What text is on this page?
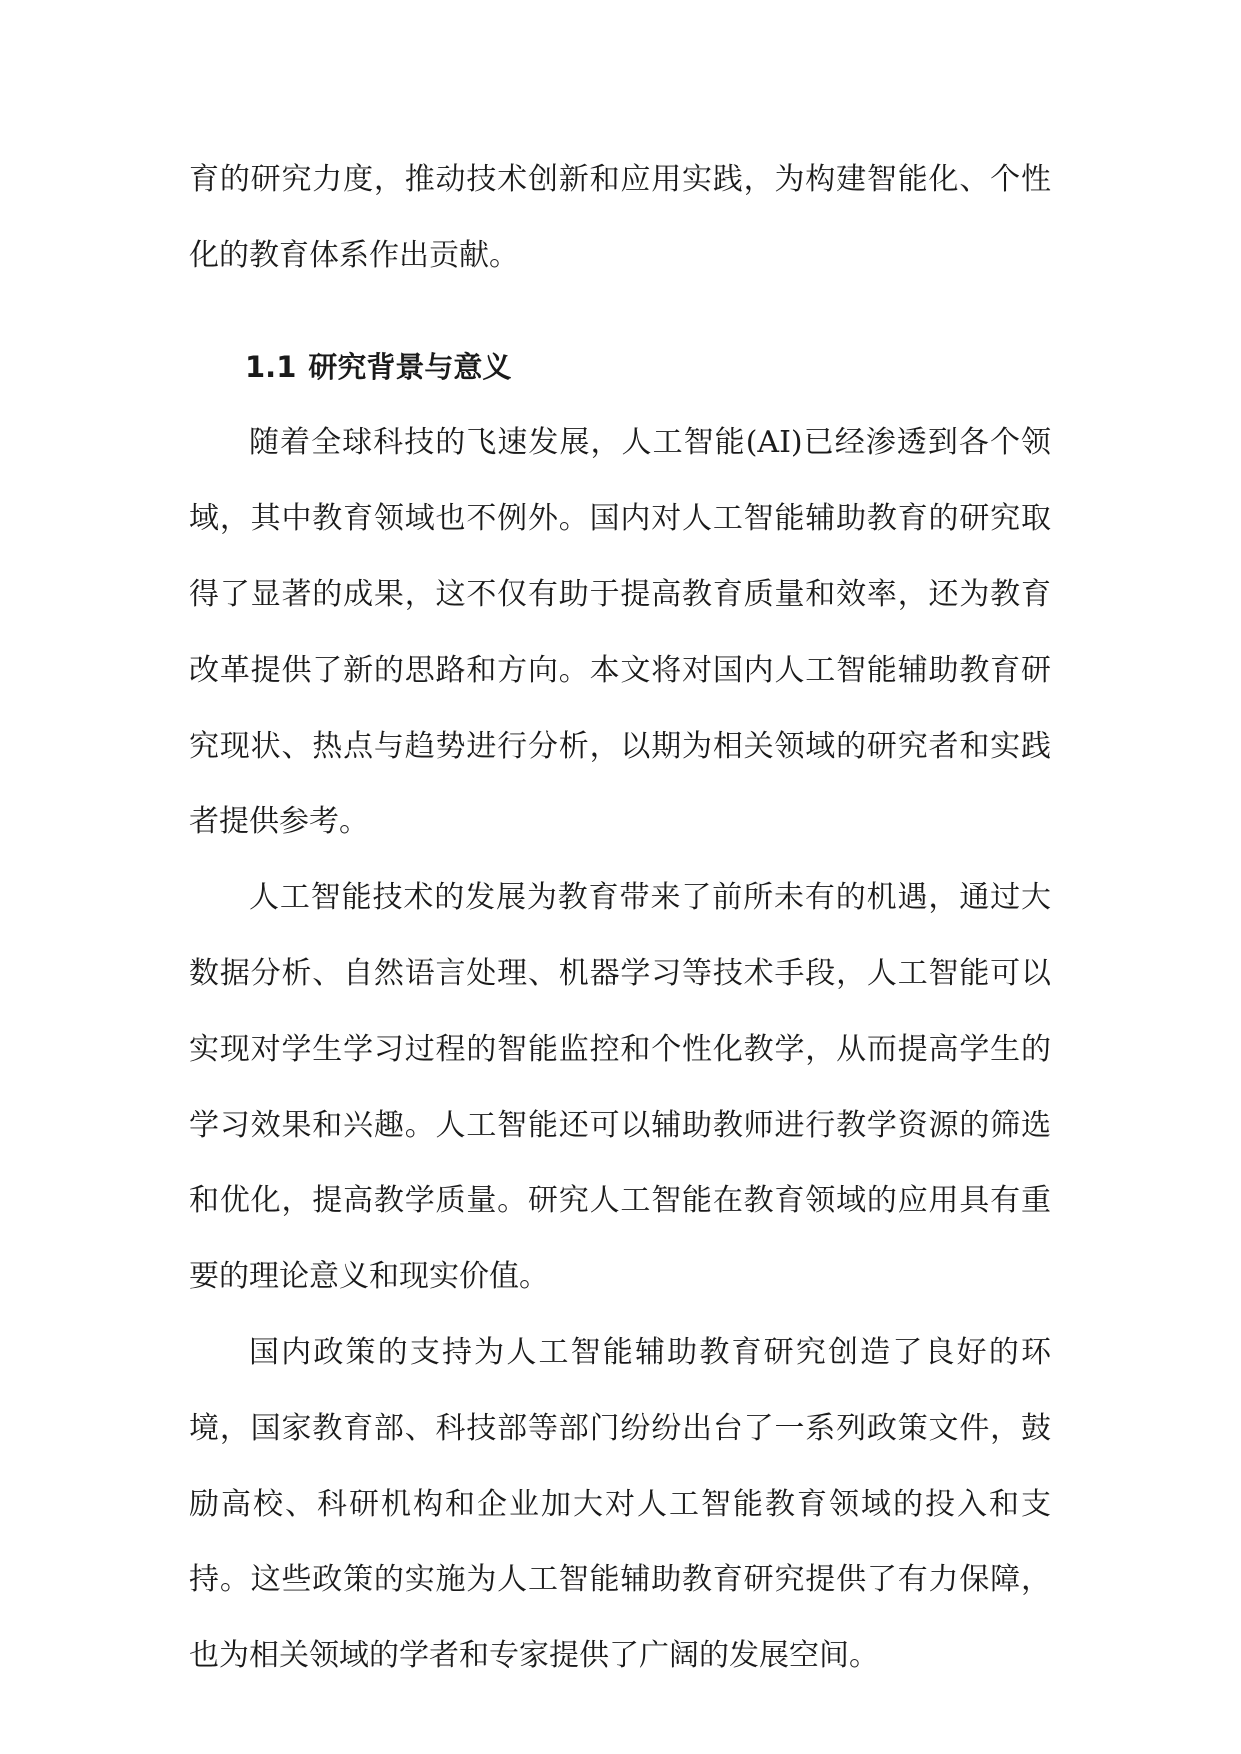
育的研究力度，推动技术创新和应用实践，为构建智能化、个性化的教育体系作出贡献。

1.1 研究背景与意义

随着全球科技的飞速发展，人工智能(AI)已经渗透到各个领域，其中教育领域也不例外。国内对人工智能辅助教育的研究取得了显著的成果，这不仅有助于提高教育质量和效率，还为教育改革提供了新的思路和方向。本文将对国内人工智能辅助教育研究现状、热点与趋势进行分析，以期为相关领域的研究者和实践者提供参考。

人工智能技术的发展为教育带来了前所未有的机遇，通过大数据分析、自然语言处理、机器学习等技术手段，人工智能可以实现对学生学习过程的智能监控和个性化教学，从而提高学生的学习效果和兴趣。人工智能还可以辅助教师进行教学资源的筛选和优化，提高教学质量。研究人工智能在教育领域的应用具有重要的理论意义和现实价值。

国内政策的支持为人工智能辅助教育研究创造了良好的环境，国家教育部、科技部等部门纷纷出台了一系列政策文件，鼓励高校、科研机构和企业加大对人工智能教育领域的投入和支持。这些政策的实施为人工智能辅助教育研究提供了有力保障，也为相关领域的学者和专家提供了广阔的发展空间。
